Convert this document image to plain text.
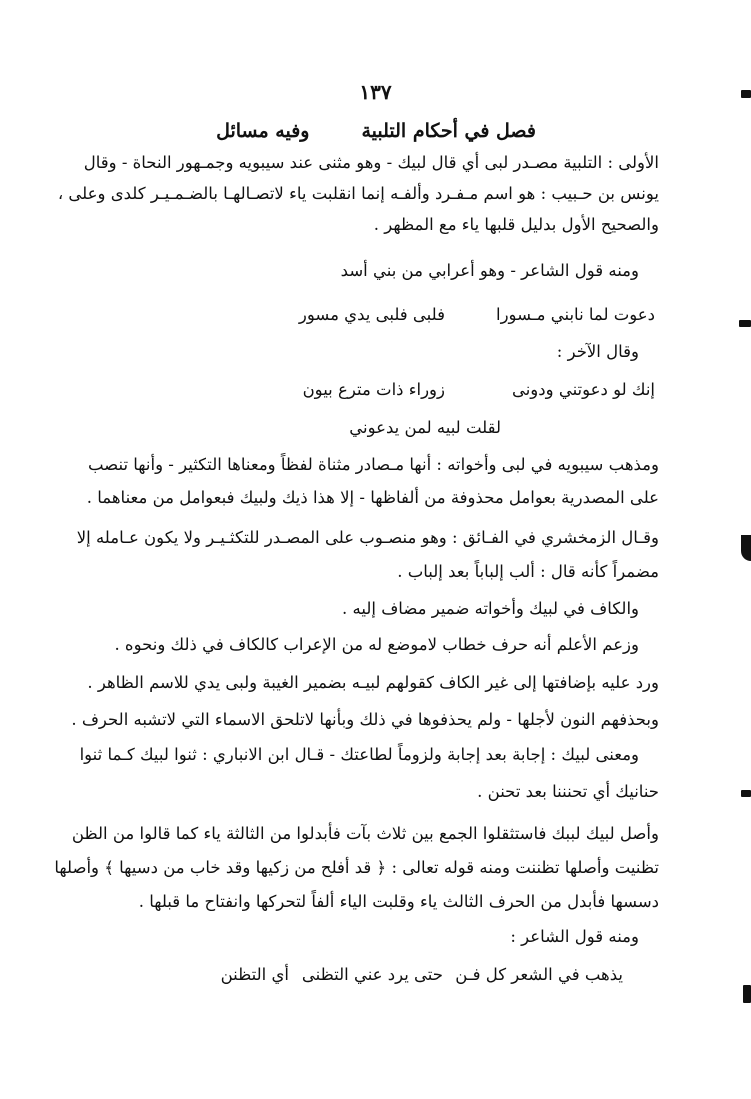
١٣٧
فصل في أحكام التلبية
وفيه مسائل
الأولى : التلبية مصـدر لبى أي قال لبيك - وهو مثنى عند سيبويه وجمـهور النحاة - وقال
يونس بن حـبيب : هو اسم مـفـرد وألفـه إنما انقلبت ياء لاتصـالهـا بالضـمـيـر كلدى وعلى ،
والصحيح الأول بدليل قلبها ياء مع المظهر .
ومنه قول الشاعر - وهو أعرابي من بني أسد
دعوت لما نابني مـسورا
فلبى فلبى يدي مسور
وقال الآخر :
إنك لو دعوتني ودونى
زوراء ذات مترع بيون
لقلت لبيه لمن يدعوني
ومذهب سيبويه في لبى وأخواته : أنها مـصادر مثناة لفظاً ومعناها التكثير - وأنها تنصب
على المصدرية بعوامل محذوفة من ألفاظها - إلا هذا ذيك ولبيك فبعوامل من معناهما .
وقـال الزمخشري في الفـائق : وهو منصـوب على المصـدر للتكثـيـر ولا يكون عـامله إلا
مضمراً كأنه قال : ألب إلباباً بعد إلباب .
والكاف في لبيك وأخواته ضمير مضاف إليه .
وزعم الأعلم أنه حرف خطاب لاموضع له من الإعراب كالكاف في ذلك ونحوه .
ورد عليه بإضافتها إلى غير الكاف كقولهم لبيـه بضمير الغيبة ولبى يدي للاسم الظاهر .
وبحذفهم النون لأجلها - ولم يحذفوها في ذلك وبأنها لاتلحق الاسماء التي لاتشبه الحرف .
ومعنى لبيك : إجابة بعد إجابة ولزوماً لطاعتك - قـال ابن الانباري : ثنوا لبيك كـما ثنوا
حنانيك أي تحنننا بعد تحنن .
وأصل لبيك لببك فاستثقلوا الجمع بين ثلاث بآت فأبدلوا من الثالثة ياء كما قالوا من الظن
تظنيت وأصلها تظننت ومنه قوله تعالى : ﴿ قد أفلح من زكيها وقد خاب من دسيها ﴾ وأصلها
دسسها فأبدل من الحرف الثالث ياء وقلبت الياء ألفاً لتحركها وانفتاح ما قبلها .
ومنه قول الشاعر :
يذهب في الشعر كل فـن
حتى يرد عني التظنى
أي التظنن
